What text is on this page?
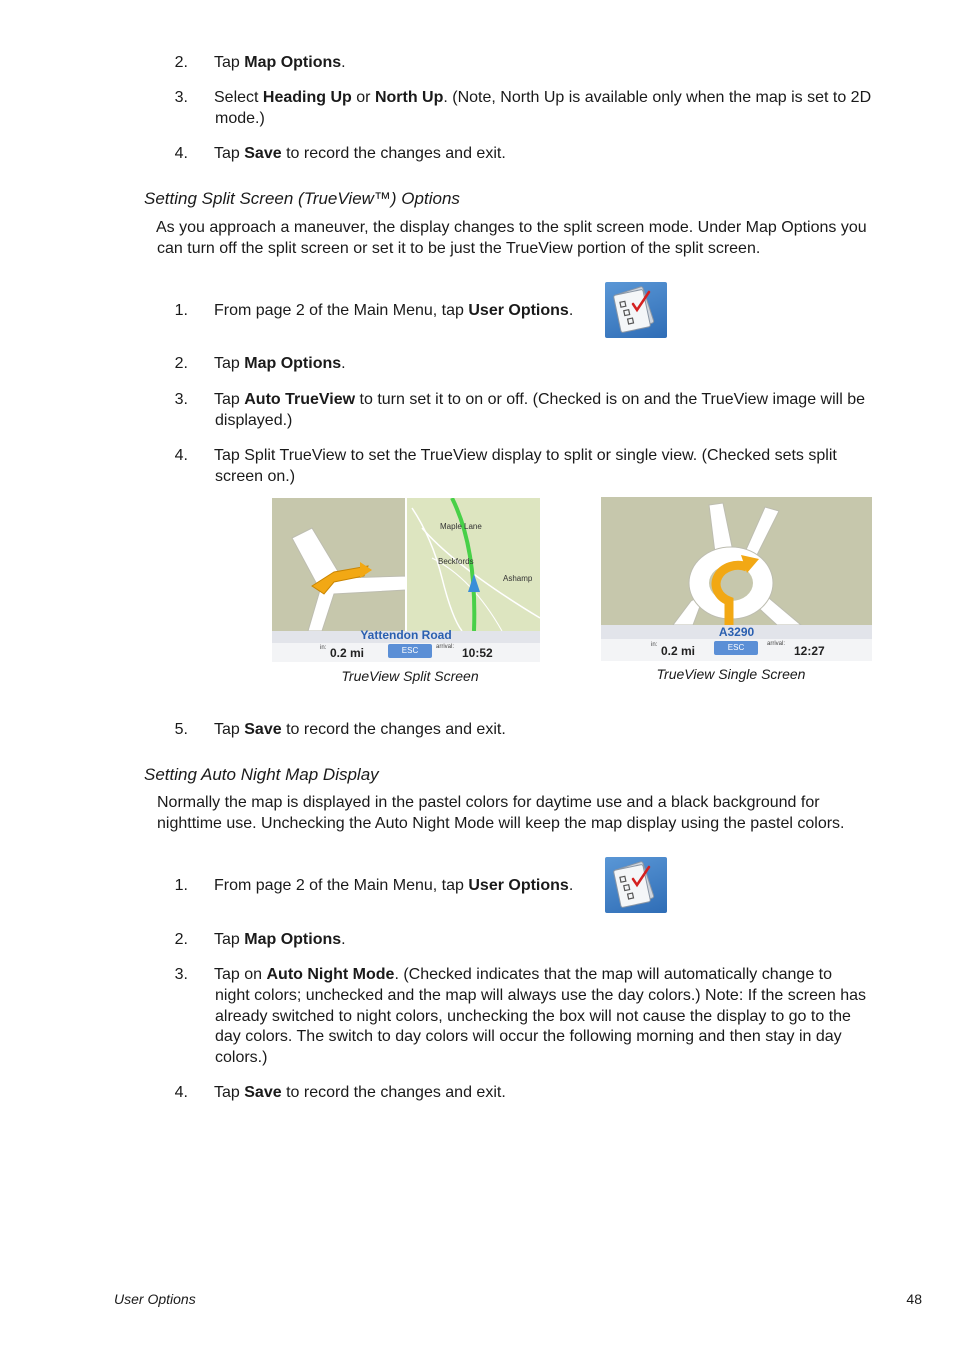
2. Tap Map Options.
3. Select Heading Up or North Up. (Note, North Up is available only when the map is set to 2D
mode.)
4. Tap Save to record the changes and exit.
Setting Split Screen (TrueView™) Options
As you approach a maneuver, the display changes to the split screen mode. Under Map Options you
can turn off the split screen or set it to be just the TrueView portion of the split screen.
1. From page 2 of the Main Menu, tap User Options.
2. Tap Map Options.
3. Tap Auto TrueView to turn set it to on or off. (Checked is on and the TrueView image will be
displayed.)
4. Tap Split TrueView to set the TrueView display to split or single view. (Checked sets split
screen on.)
Maple Lane
Beckfords
Ashamp
Yattendon Road
in: 0.2 mi	ESC	arrival: 10:52
TrueView Split Screen
A3290
in: 0.2 mi	ESC	arrival: 12:27
TrueView Single Screen
5. Tap Save to record the changes and exit.
Setting Auto Night Map Display
Normally the map is displayed in the pastel colors for daytime use and a black background for
nighttime use. Unchecking the Auto Night Mode will keep the map display using the pastel colors.
1. From page 2 of the Main Menu, tap User Options.
2. Tap Map Options.
3. Tap on Auto Night Mode. (Checked indicates that the map will automatically change to
night colors; unchecked and the map will always use the day colors.) Note: If the screen has
already switched to night colors, unchecking the box will not cause the display to go to the
day colors. The switch to day colors will occur the following morning and then stay in day
colors.)
4. Tap Save to record the changes and exit.
User Options	48
